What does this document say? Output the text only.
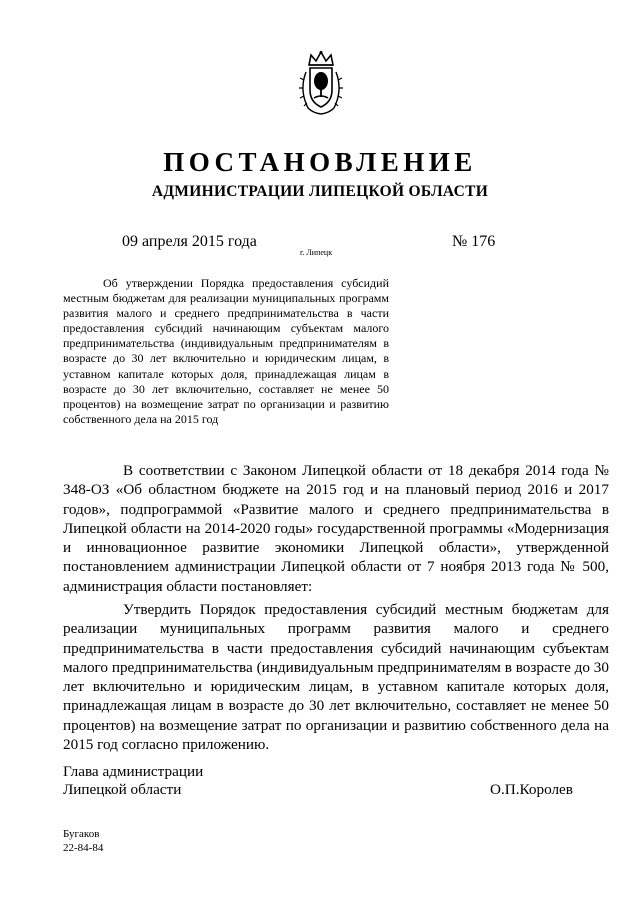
ПОСТАНОВЛЕНИЕ
АДМИНИСТРАЦИИ ЛИПЕЦКОЙ ОБЛАСТИ
09 апреля 2015 года
г. Липецк
№ 176

Об утверждении Порядка предоставления субсидий местным бюджетам для реализации муниципальных программ развития малого и среднего предпринимательства в части предоставления субсидий начинающим субъектам малого предпринимательства (индивидуальным предпринимателям в возрасте до 30 лет включительно и юридическим лицам, в уставном капитале которых доля, принадлежащая лицам в возрасте до 30 лет включительно, составляет не менее 50 процентов) на возмещение затрат по организации и развитию собственного дела на 2015 год

В соответствии с Законом Липецкой области от 18 декабря 2014 года № 348-ОЗ «Об областном бюджете на 2015 год и на плановый период 2016 и 2017 годов», подпрограммой «Развитие малого и среднего предпринимательства в Липецкой области на 2014-2020 годы» государственной программы «Модернизация и инновационное развитие экономики Липецкой области», утвержденной постановлением администрации Липецкой области от 7 ноября 2013 года № 500, администрация области постановляет:

Утвердить Порядок предоставления субсидий местным бюджетам для реализации муниципальных программ развития малого и среднего предпринимательства в части предоставления субсидий начинающим субъектам малого предпринимательства (индивидуальным предпринимателям в возрасте до 30 лет включительно и юридическим лицам, в уставном капитале которых доля, принадлежащая лицам в возрасте до 30 лет включительно, составляет не менее 50 процентов) на возмещение затрат по организации и развитию собственного дела на 2015 год согласно приложению.

Глава администрации
Липецкой области	О.П.Королев
Бугаков
22-84-84
